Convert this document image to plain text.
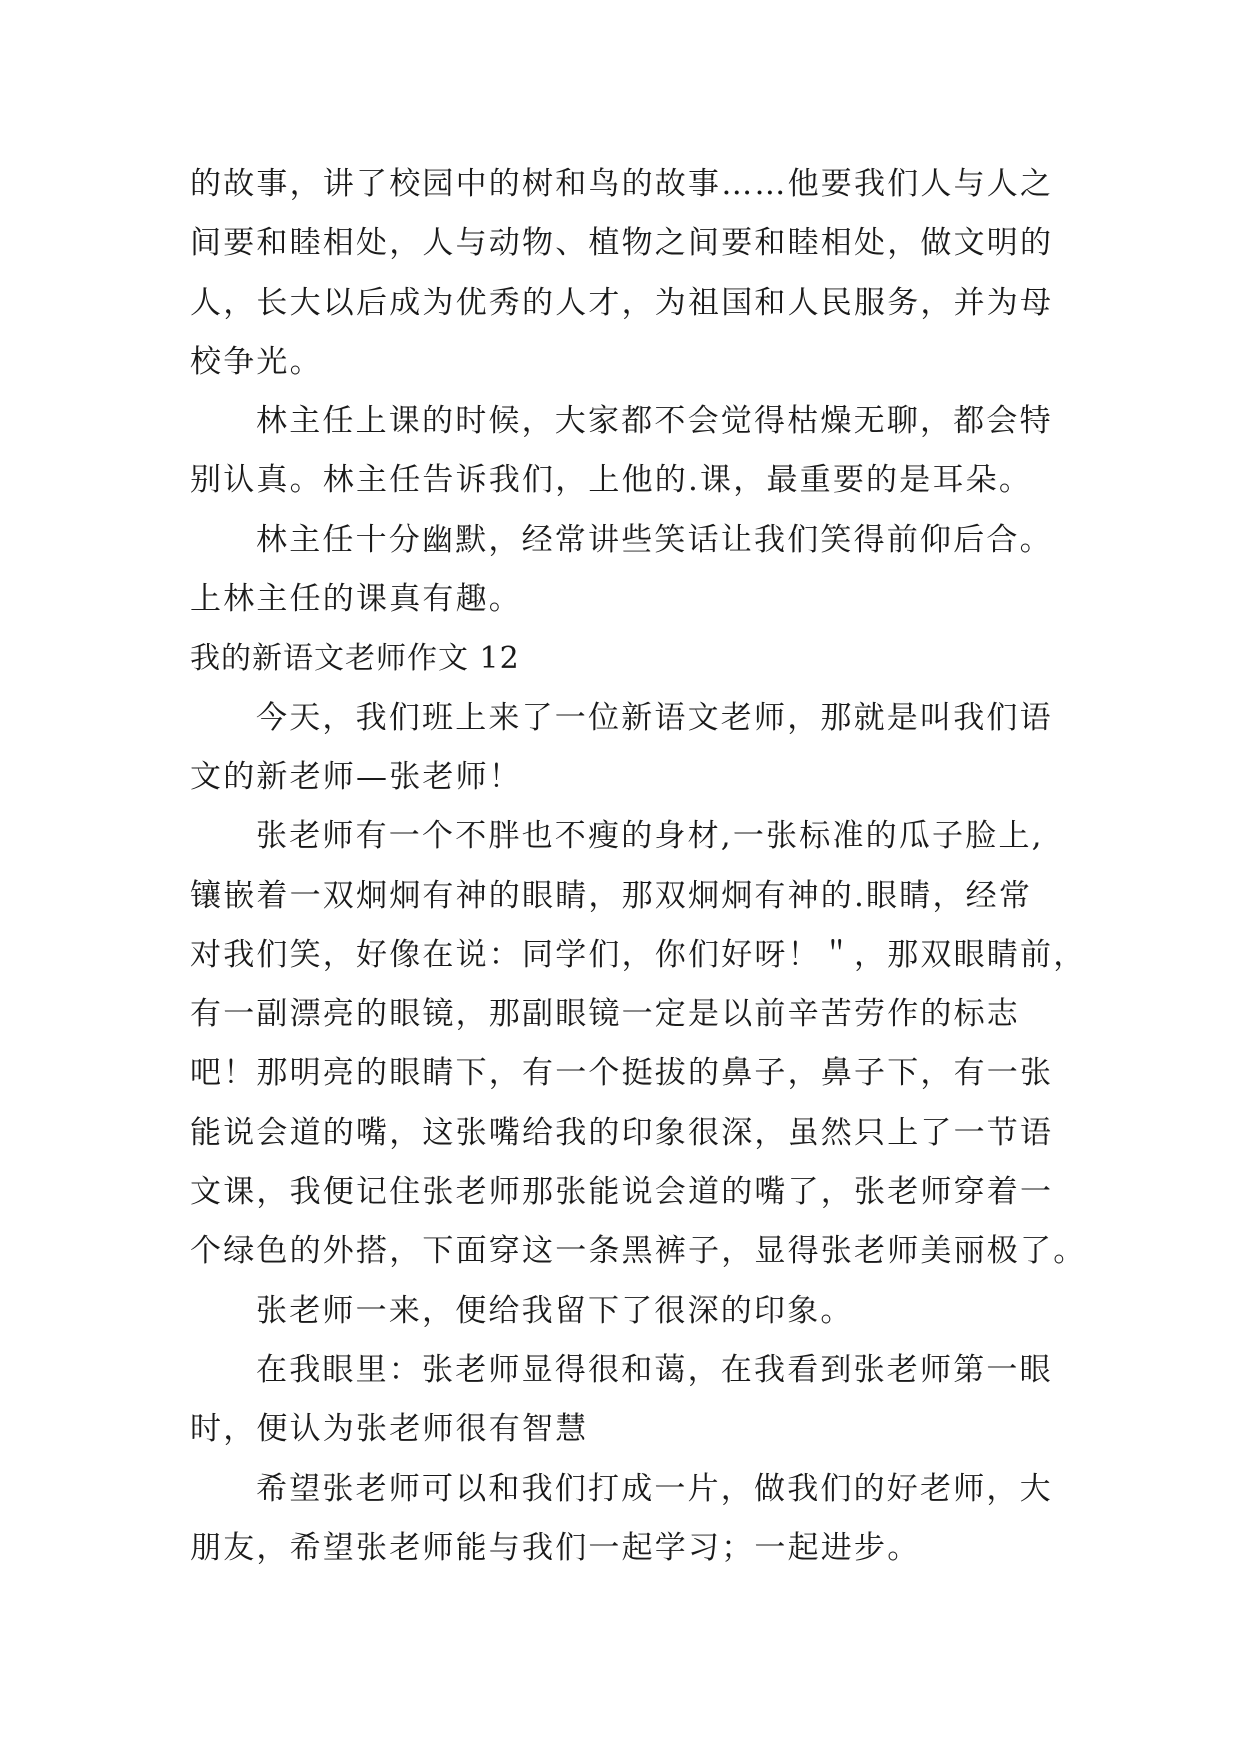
的故事，讲了校园中的树和鸟的故事……他要我们人与人之

间要和睦相处，人与动物、植物之间要和睦相处，做文明的

人，长大以后成为优秀的人才，为祖国和人民服务，并为母

校争光。

林主任上课的时候，大家都不会觉得枯燥无聊，都会特

别认真。林主任告诉我们，上他的.课，最重要的是耳朵。

林主任十分幽默，经常讲些笑话让我们笑得前仰后合。

上林主任的课真有趣。

我的新语文老师作文 12

今天，我们班上来了一位新语文老师，那就是叫我们语

文的新老师—张老师！

张老师有一个不胖也不瘦的身材,一张标准的瓜子脸上,

镶嵌着一双炯炯有神的眼睛，那双炯炯有神的.眼睛，经常

对我们笑，好像在说：同学们，你们好呀！＂，那双眼睛前，

有一副漂亮的眼镜，那副眼镜一定是以前辛苦劳作的标志

吧！那明亮的眼睛下，有一个挺拔的鼻子，鼻子下，有一张

能说会道的嘴，这张嘴给我的印象很深，虽然只上了一节语

文课，我便记住张老师那张能说会道的嘴了，张老师穿着一

个绿色的外搭，下面穿这一条黑裤子，显得张老师美丽极了。

张老师一来，便给我留下了很深的印象。

在我眼里：张老师显得很和蔼，在我看到张老师第一眼

时，便认为张老师很有智慧

希望张老师可以和我们打成一片，做我们的好老师，大

朋友，希望张老师能与我们一起学习；一起进步。
